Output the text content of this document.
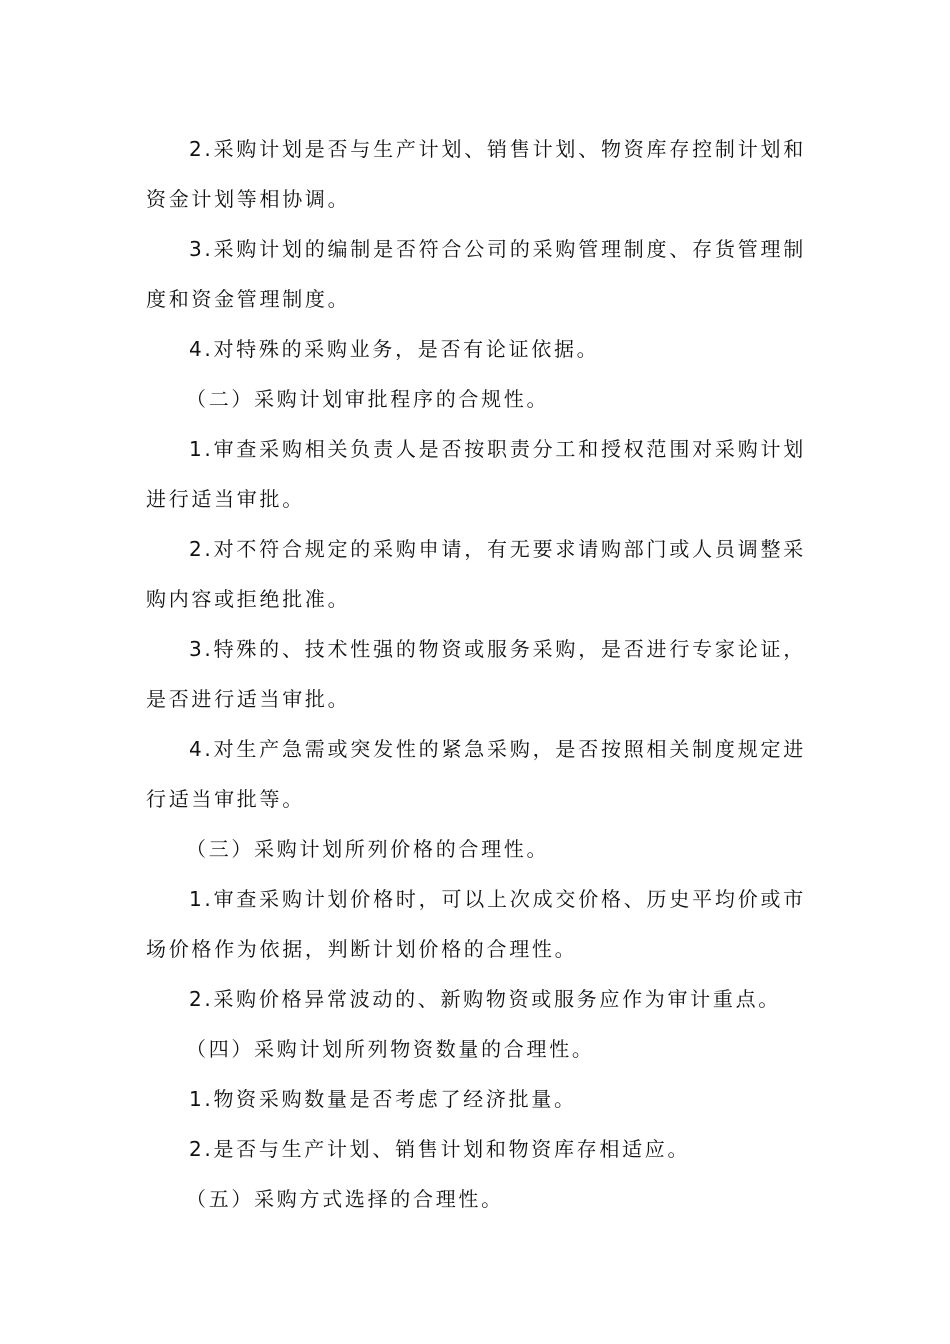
2.采购计划是否与生产计划、销售计划、物资库存控制计划和
资金计划等相协调。
3.采购计划的编制是否符合公司的采购管理制度、存货管理制
度和资金管理制度。
4.对特殊的采购业务，是否有论证依据。
（二）采购计划审批程序的合规性。
1.审查采购相关负责人是否按职责分工和授权范围对采购计划
进行适当审批。
2.对不符合规定的采购申请，有无要求请购部门或人员调整采
购内容或拒绝批准。
3.特殊的、技术性强的物资或服务采购，是否进行专家论证，
是否进行适当审批。
4.对生产急需或突发性的紧急采购，是否按照相关制度规定进
行适当审批等。
（三）采购计划所列价格的合理性。
1.审查采购计划价格时，可以上次成交价格、历史平均价或市
场价格作为依据，判断计划价格的合理性。
2.采购价格异常波动的、新购物资或服务应作为审计重点。
（四）采购计划所列物资数量的合理性。
1.物资采购数量是否考虑了经济批量。
2.是否与生产计划、销售计划和物资库存相适应。
（五）采购方式选择的合理性。
